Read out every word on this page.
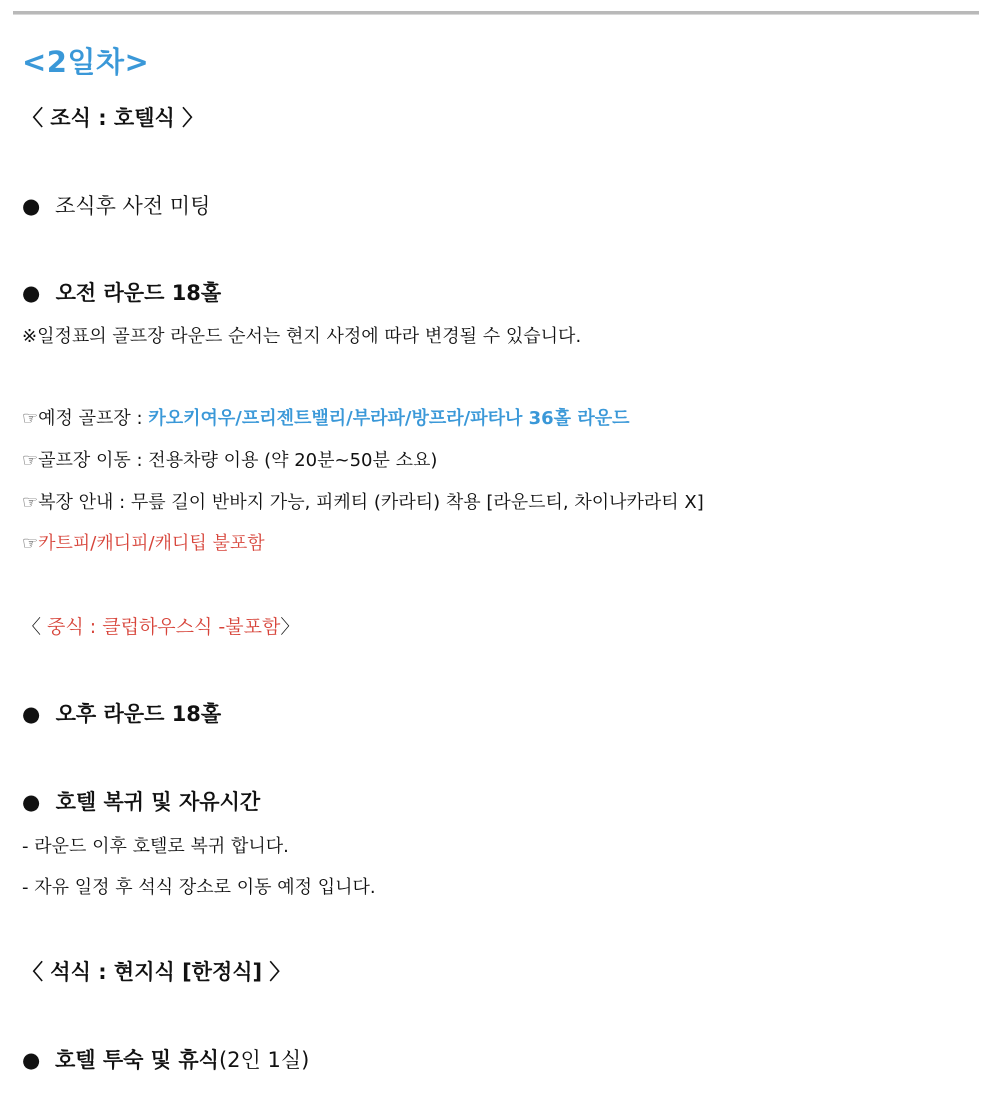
<2일차>
〈 조식 : 호텔식 〉
● 조식후 사전 미팅
● 오전 라운드 18홀
※일정표의 골프장 라운드 순서는 현지 사정에 따라 변경될 수 있습니다.
☞예정 골프장 : 카오키여우/프리젠트밸리/부라파/방프라/파타나 36홀 라운드
☞골프장 이동 : 전용차량 이용 (약 20분~50분 소요)
☞복장 안내 : 무릎 길이 반바지 가능, 피케티 (카라티) 착용 [라운드티, 차이나카라티 X]
☞카트피/캐디피/캐디팁 불포함
〈 중식 : 클럽하우스식 -불포함〉
● 오후 라운드 18홀
● 호텔 복귀 및 자유시간
- 라운드 이후 호텔로 복귀 합니다.
- 자유 일정 후 석식 장소로 이동 예정 입니다.
〈 석식 : 현지식 [한정식] 〉
● 호텔 투숙 및 휴식(2인 1실)
